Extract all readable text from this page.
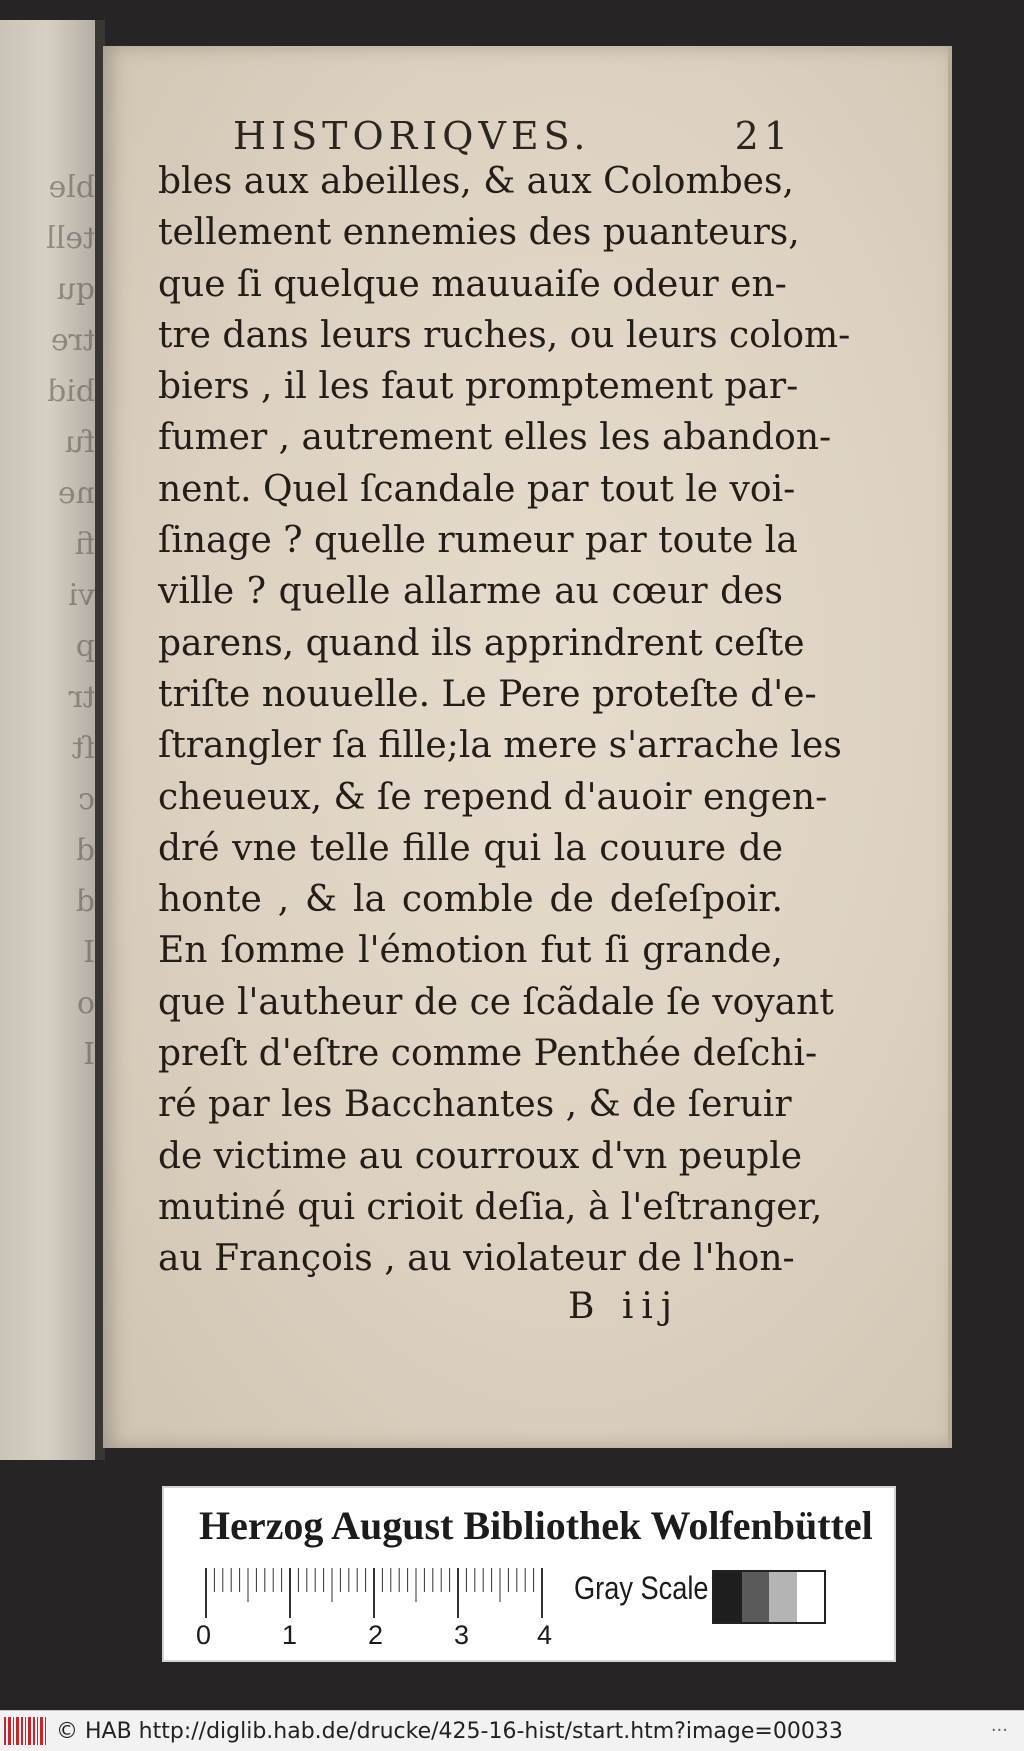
ble
tell
qu
tre
bid
fu
ne
fi
vi
p
tr
ſt
c
d
d
I
o
I
HISTORIQVES.	21
bles aux abeilles, & aux Colombes,
tellement ennemies des puanteurs,
que ſi quelque mauuaiſe odeur en-
tre dans leurs ruches, ou leurs colom-
biers , il les faut promptement par-
fumer , autrement elles les abandon-
nent. Quel ſcandale par tout le voi-
ſinage ? quelle rumeur par toute la
ville ? quelle allarme au cœur des
parens, quand ils apprindrent ceſte
triſte nouuelle. Le Pere proteſte d'e-
ſtrangler ſa fille;la mere s'arrache les
cheueux, & ſe repend d'auoir engen-
dré vne telle fille qui la couure de
honte , & la comble de deſeſpoir.
En ſomme l'émotion fut ſi grande,
que l'autheur de ce ſcãdale ſe voyant
preſt d'eſtre comme Penthée deſchi-
ré par les Bacchantes , & de ſeruir
de victime au courroux d'vn peuple
mutiné qui crioit deſia, à l'eſtranger,
au François , au violateur de l'hon-
B iij
Herzog August Bibliothek Wolfenbüttel
0	1	2	3	4
Gray Scale
© HAB http://diglib.hab.de/drucke/425-16-hist/start.htm?image=00033	...
